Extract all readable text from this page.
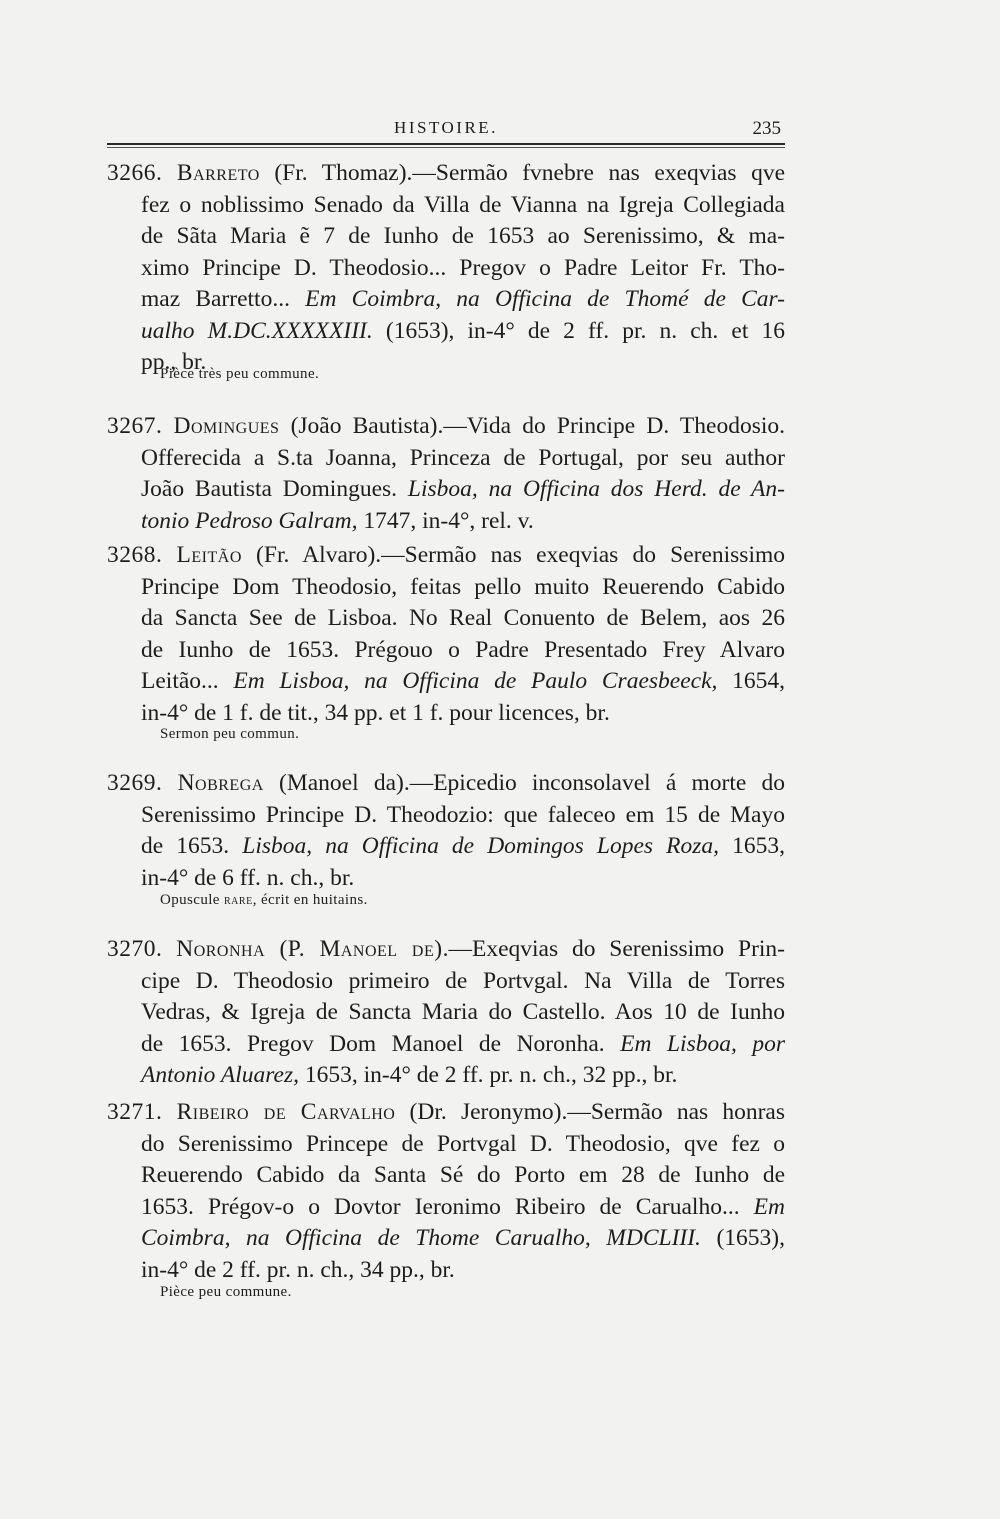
HISTOIRE.	235
3266. Barreto (Fr. Thomaz).—Sermão fvnebre nas exeqvias qve
fez o noblissimo Senado da Villa de Vianna na Igreja Collegiada
de Sãta Maria ẽ 7 de Iunho de 1653 ao Serenissimo, & ma-
ximo Principe D. Theodosio... Pregov o Padre Leitor Fr. Tho-
maz Barretto... Em Coimbra, na Officina de Thomé de Car-
ualho M.DC.XXXXXIII. (1653), in-4° de 2 ff. pr. n. ch. et 16
pp., br.
Pièce très peu commune.
3267. Domingues (João Bautista).—Vida do Principe D. Theodosio.
Offerecida a S.ta Joanna, Princeza de Portugal, por seu author
João Bautista Domingues. Lisboa, na Officina dos Herd. de An-
tonio Pedroso Galram, 1747, in-4°, rel. v.
3268. Leitão (Fr. Alvaro).—Sermão nas exeqvias do Serenissimo
Principe Dom Theodosio, feitas pello muito Reuerendo Cabido
da Sancta See de Lisboa. No Real Conuento de Belem, aos 26
de Iunho de 1653. Prégouo o Padre Presentado Frey Alvaro
Leitão... Em Lisboa, na Officina de Paulo Craesbeeck, 1654,
in-4° de 1 f. de tit., 34 pp. et 1 f. pour licences, br.
Sermon peu commun.
3269. Nobrega (Manoel da).—Epicedio inconsolavel á morte do
Serenissimo Principe D. Theodozio: que faleceo em 15 de Mayo
de 1653. Lisboa, na Officina de Domingos Lopes Roza, 1653,
in-4° de 6 ff. n. ch., br.
Opuscule rare, écrit en huitains.
3270. Noronha (P. Manoel de).—Exeqvias do Serenissimo Prin-
cipe D. Theodosio primeiro de Portvgal. Na Villa de Torres
Vedras, & Igreja de Sancta Maria do Castello. Aos 10 de Iunho
de 1653. Pregov Dom Manoel de Noronha. Em Lisboa, por
Antonio Aluarez, 1653, in-4° de 2 ff. pr. n. ch., 32 pp., br.
3271. Ribeiro de Carvalho (Dr. Jeronymo).—Sermão nas honras
do Serenissimo Princepe de Portvgal D. Theodosio, qve fez o
Reuerendo Cabido da Santa Sé do Porto em 28 de Iunho de
1653. Prégov-o o Dovtor Ieronimo Ribeiro de Carualho... Em
Coimbra, na Officina de Thome Carualho, MDCLIII. (1653),
in-4° de 2 ff. pr. n. ch., 34 pp., br.
Pièce peu commune.
